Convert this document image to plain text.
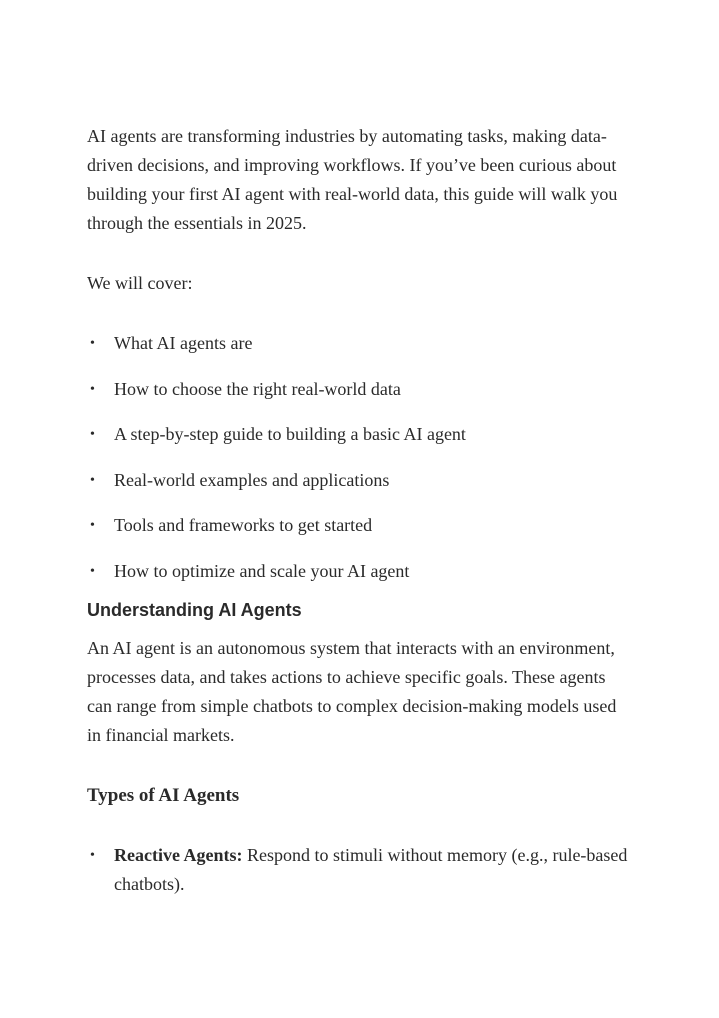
AI agents are transforming industries by automating tasks, making data-driven decisions, and improving workflows. If you’ve been curious about building your first AI agent with real-world data, this guide will walk you through the essentials in 2025.

We will cover:

• What AI agents are
• How to choose the right real-world data
• A step-by-step guide to building a basic AI agent
• Real-world examples and applications
• Tools and frameworks to get started
• How to optimize and scale your AI agent
Understanding AI Agents

An AI agent is an autonomous system that interacts with an environment, processes data, and takes actions to achieve specific goals. These agents can range from simple chatbots to complex decision-making models used in financial markets.

Types of AI Agents
• Reactive Agents: Respond to stimuli without memory (e.g., rule-based chatbots).
